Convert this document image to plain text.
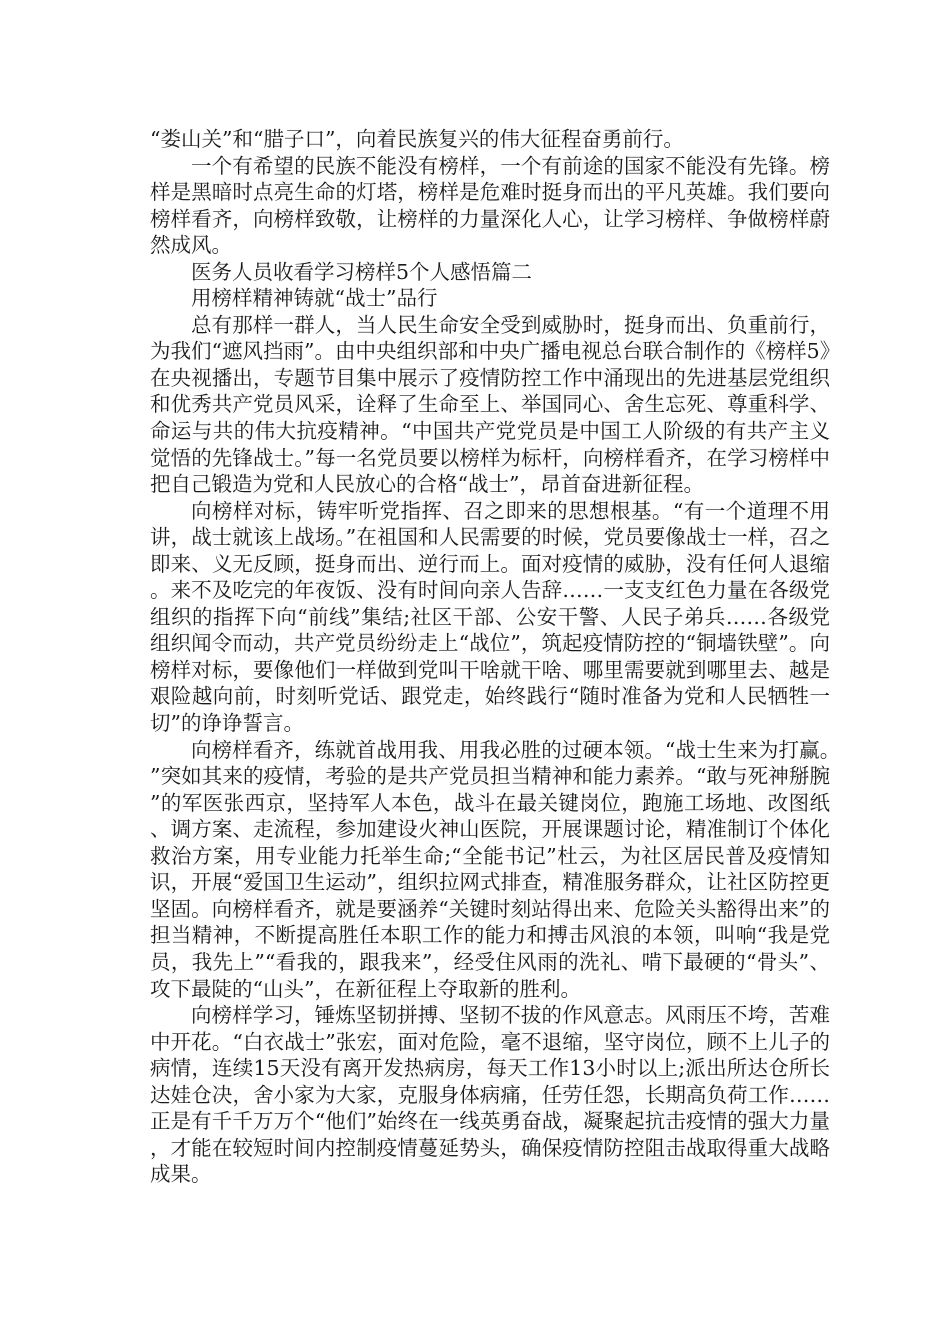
“娄山关”和“腊子口”，向着民族复兴的伟大征程奋勇前行。

一个有希望的民族不能没有榜样，一个有前途的国家不能没有先锋。榜样是黑暗时点亮生命的灯塔，榜样是危难时挺身而出的平凡英雄。我们要向榜样看齐，向榜样致敬，让榜样的力量深化人心，让学习榜样、争做榜样蔚然成风。

医务人员收看学习榜样5个人感悟篇二

用榜样精神铸就“战士”品行

总有那样一群人，当人民生命安全受到威胁时，挺身而出、负重前行，为我们“遮风挡雨”。由中央组织部和中央广播电视总台联合制作的《榜样5》在央视播出，专题节目集中展示了疫情防控工作中涌现出的先进基层党组织和优秀共产党员风采，诠释了生命至上、举国同心、舍生忘死、尊重科学、命运与共的伟大抗疫精神。“中国共产党党员是中国工人阶级的有共产主义觉悟的先锋战士。”每一名党员要以榜样为标杆，向榜样看齐，在学习榜样中把自己锻造为党和人民放心的合格“战士”，昂首奋进新征程。

向榜样对标，铸牢听党指挥、召之即来的思想根基。“有一个道理不用讲，战士就该上战场。”在祖国和人民需要的时候，党员要像战士一样，召之即来、义无反顾，挺身而出、逆行而上。面对疫情的威胁，没有任何人退缩。来不及吃完的年夜饭、没有时间向亲人告辞……一支支红色力量在各级党组织的指挥下向“前线”集结;社区干部、公安干警、人民子弟兵……各级党组织闻令而动，共产党员纷纷走上“战位”，筑起疫情防控的“铜墙铁壁”。向榜样对标，要像他们一样做到党叫干啥就干啥、哪里需要就到哪里去、越是艰险越向前，时刻听党话、跟党走，始终践行“随时准备为党和人民牺牲一切”的诤诤誓言。

向榜样看齐，练就首战用我、用我必胜的过硬本领。“战士生来为打赢。”突如其来的疫情，考验的是共产党员担当精神和能力素养。“敢与死神掰腕”的军医张西京，坚持军人本色，战斗在最关键岗位，跑施工场地、改图纸、调方案、走流程，参加建设火神山医院，开展课题讨论，精准制订个体化救治方案，用专业能力托举生命;“全能书记”杜云，为社区居民普及疫情知识，开展“爱国卫生运动”，组织拉网式排查，精准服务群众，让社区防控更坚固。向榜样看齐，就是要涵养“关键时刻站得出来、危险关头豁得出来”的担当精神，不断提高胜任本职工作的能力和搏击风浪的本领，叫响“我是党员，我先上”“看我的，跟我来”，经受住风雨的洗礼、啃下最硬的“骨头”、攻下最陡的“山头”，在新征程上夺取新的胜利。

向榜样学习，锤炼坚韧拼搏、坚韧不拔的作风意志。风雨压不垮，苦难中开花。“白衣战士”张宏，面对危险，毫不退缩，坚守岗位，顾不上儿子的病情，连续15天没有离开发热病房，每天工作13小时以上;派出所达仓所长达娃仓决，舍小家为大家，克服身体病痛，任劳任怨，长期高负荷工作……正是有千千万万个“他们”始终在一线英勇奋战，凝聚起抗击疫情的强大力量，才能在较短时间内控制疫情蔓延势头，确保疫情防控阻击战取得重大战略成果。
